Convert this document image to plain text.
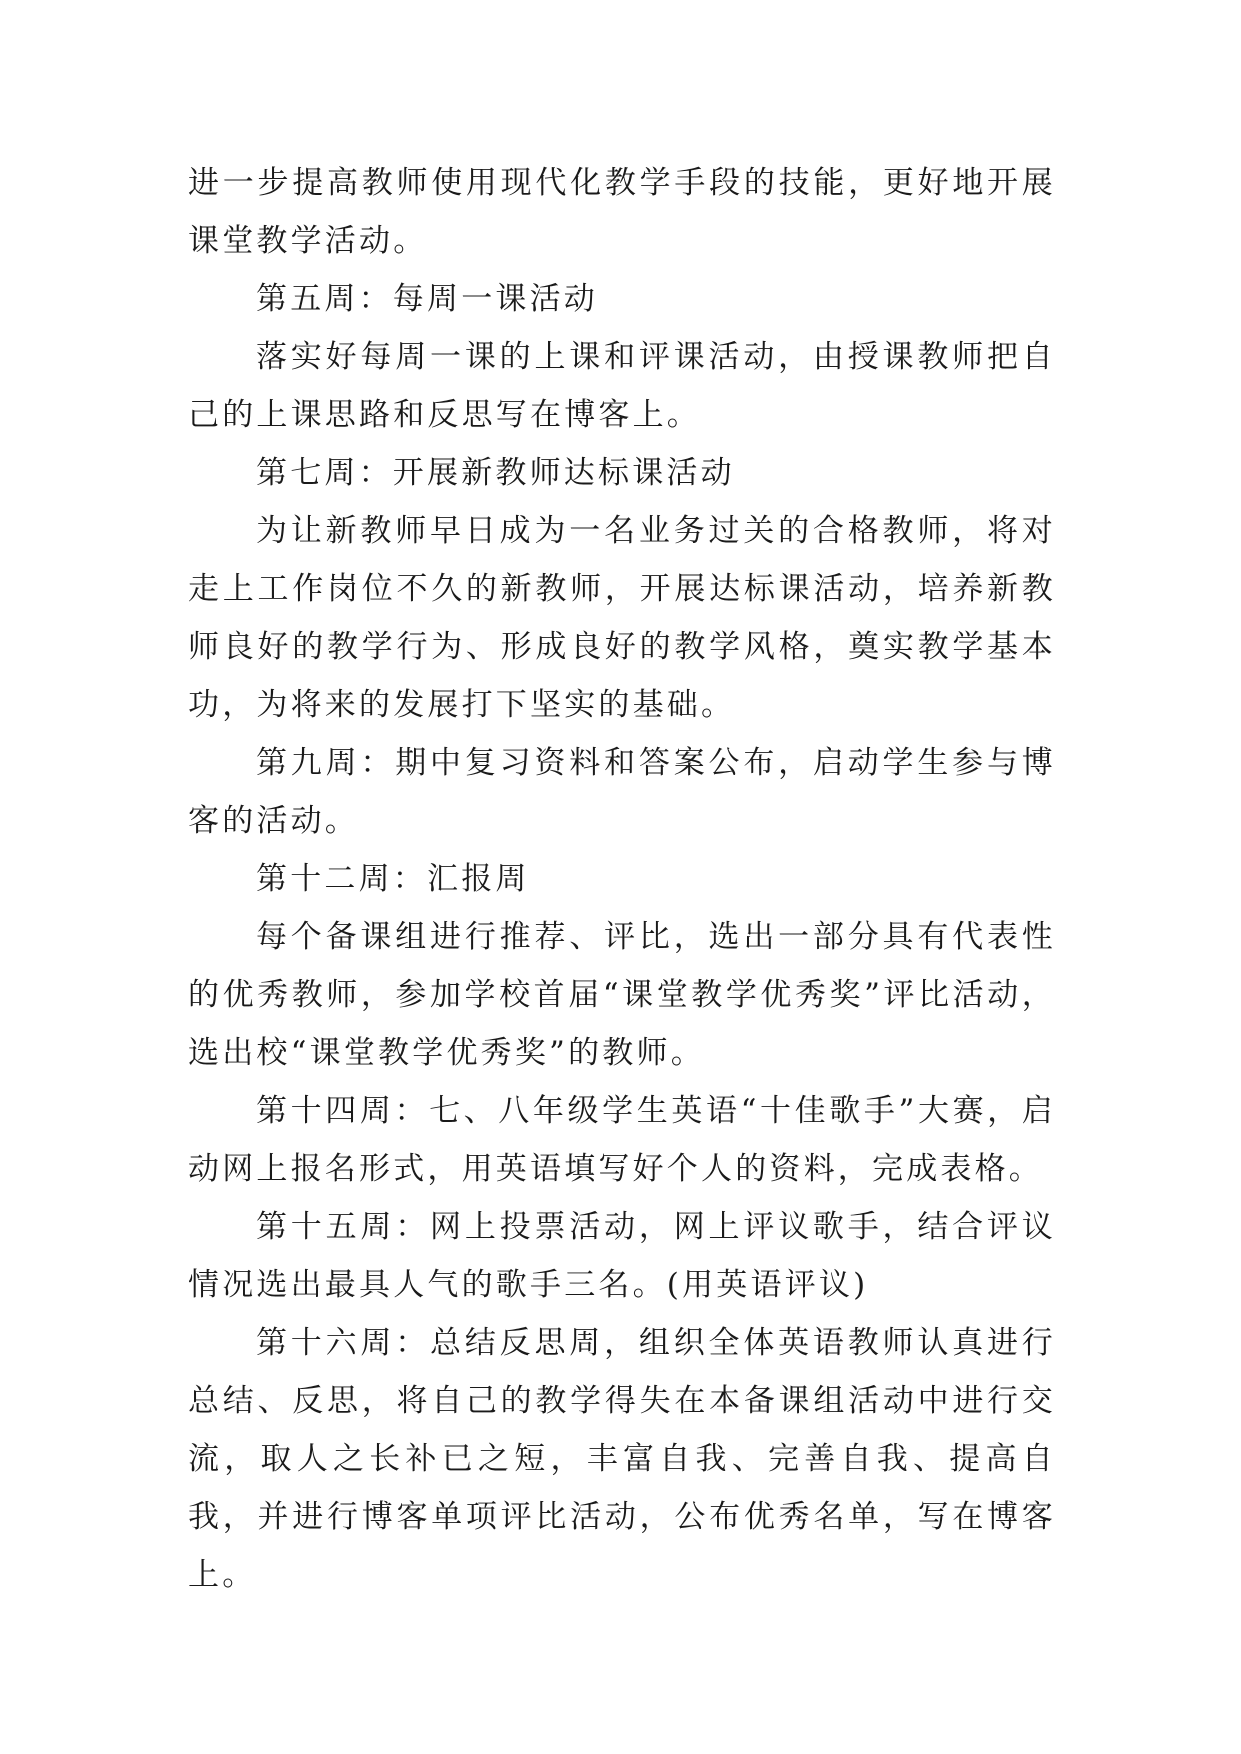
进一步提高教师使用现代化教学手段的技能，更好地开展课堂教学活动。

第五周：每周一课活动

落实好每周一课的上课和评课活动，由授课教师把自己的上课思路和反思写在博客上。

第七周：开展新教师达标课活动

为让新教师早日成为一名业务过关的合格教师，将对走上工作岗位不久的新教师，开展达标课活动，培养新教师良好的教学行为、形成良好的教学风格，奠实教学基本功，为将来的发展打下坚实的基础。

第九周：期中复习资料和答案公布，启动学生参与博客的活动。

第十二周：汇报周

每个备课组进行推荐、评比，选出一部分具有代表性的优秀教师，参加学校首届“课堂教学优秀奖”评比活动，选出校“课堂教学优秀奖”的教师。

第十四周：七、八年级学生英语“十佳歌手”大赛，启动网上报名形式，用英语填写好个人的资料，完成表格。

第十五周：网上投票活动，网上评议歌手，结合评议情况选出最具人气的歌手三名。(用英语评议)

第十六周：总结反思周，组织全体英语教师认真进行总结、反思，将自己的教学得失在本备课组活动中进行交流，取人之长补已之短，丰富自我、完善自我、提高自我，并进行博客单项评比活动，公布优秀名单，写在博客上。
